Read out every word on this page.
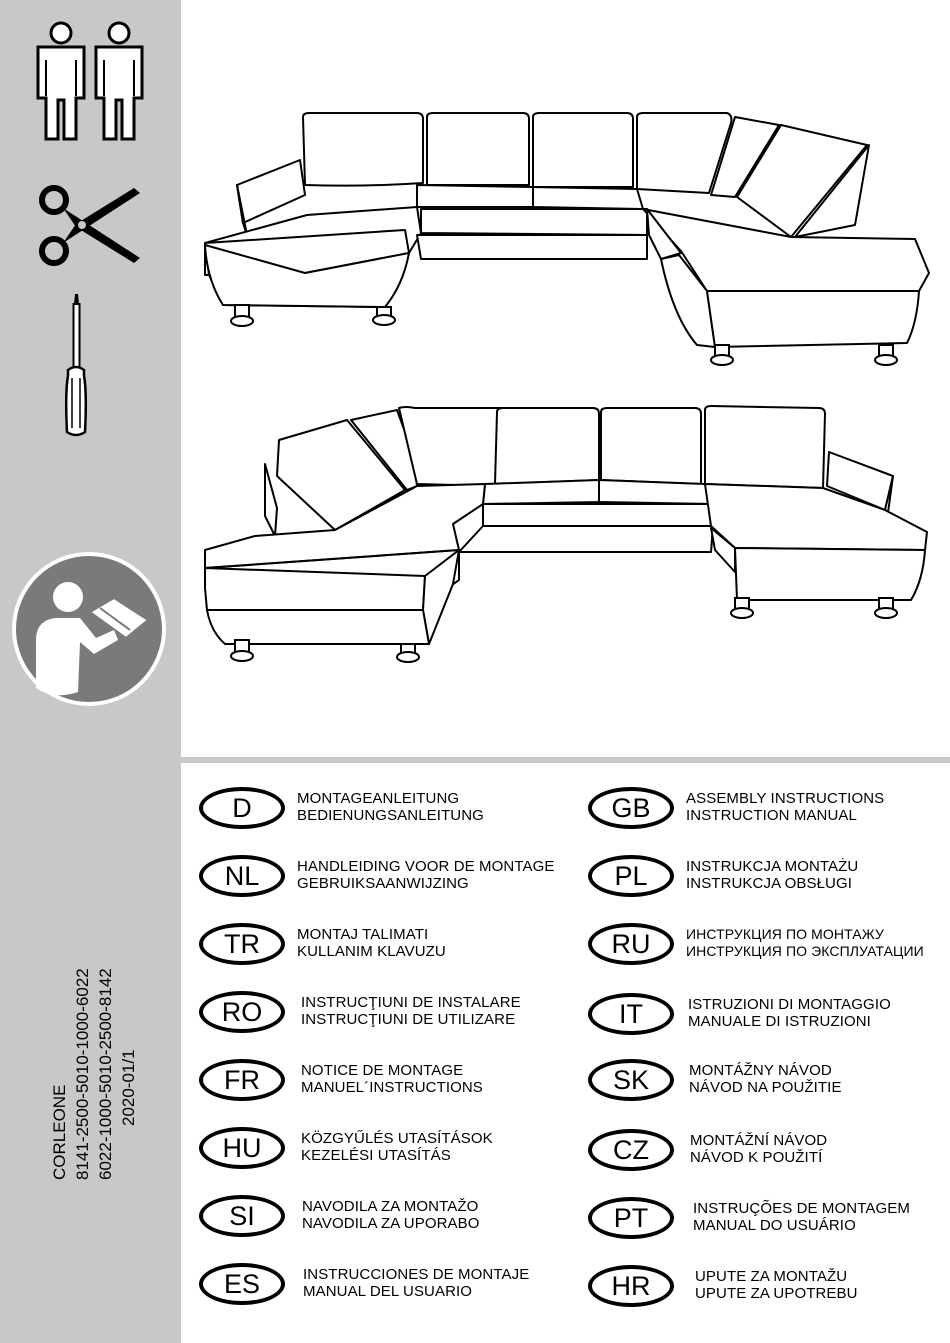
CORLEONE 8141-2500-5010-1000-6022 6022-1000-5010-2500-8142 2020-01/1
D	MONTAGEANLEITUNG
BEDIENUNGSANLEITUNG
NL	HANDLEIDING VOOR DE MONTAGE
GEBRUIKSAANWIJZING
TR	MONTAJ TALIMATI
KULLANIM KLAVUZU
RO	INSTRUCŢIUNI DE INSTALARE
INSTRUCŢIUNI DE UTILIZARE
FR	NOTICE DE MONTAGE
MANUEL´INSTRUCTIONS
HU	KÖZGYŰLÉS UTASÍTÁSOK
KEZELÉSI UTASÍTÁS
SI	NAVODILA ZA MONTAŽO
NAVODILA ZA UPORABO
ES	INSTRUCCIONES DE MONTAJE
MANUAL DEL USUARIO
GB	ASSEMBLY INSTRUCTIONS
INSTRUCTION MANUAL
PL	INSTRUKCJA MONTAŻU
INSTRUKCJA OBSŁUGI
RU	ИНСТРУКЦИЯ ПО МОНТАЖУ
ИНСТРУКЦИЯ ПО ЭКСПЛУАТАЦИИ
IT	ISTRUZIONI DI MONTAGGIO
MANUALE DI ISTRUZIONI
SK	MONTÁŽNY NÁVOD
NÁVOD NA POUŽITIE
CZ	MONTÁŽNÍ NÁVOD
NÁVOD K POUŽITÍ
PT	INSTRUÇÕES DE MONTAGEM
MANUAL DO USUÁRIO
HR	UPUTE ZA MONTAŽU
UPUTE ZA UPOTREBU
